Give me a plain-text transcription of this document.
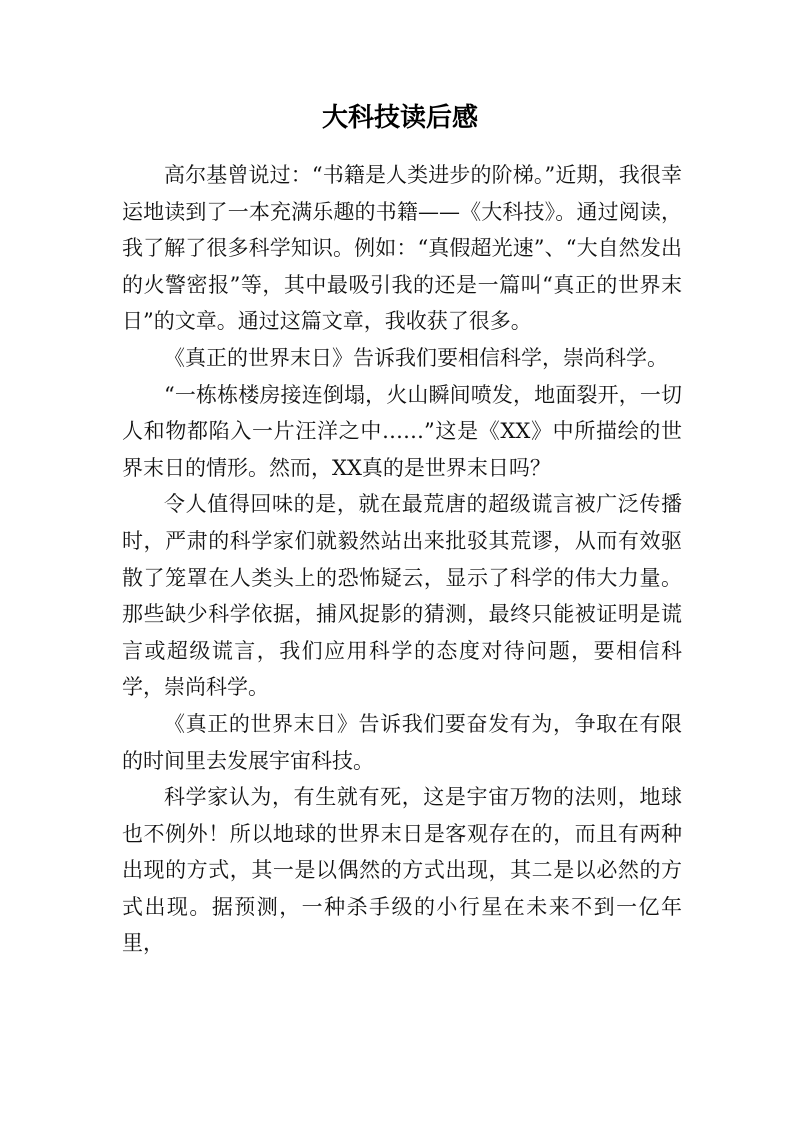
大科技读后感

高尔基曾说过：“书籍是人类进步的阶梯。”近期，我很幸运地读到了一本充满乐趣的书籍——《大科技》。通过阅读，我了解了很多科学知识。例如：“真假超光速”、“大自然发出的火警密报”等，其中最吸引我的还是一篇叫“真正的世界末日”的文章。通过这篇文章，我收获了很多。

《真正的世界末日》告诉我们要相信科学，崇尚科学。

“一栋栋楼房接连倒塌，火山瞬间喷发，地面裂开，一切人和物都陷入一片汪洋之中……”这是《XX》中所描绘的世界末日的情形。然而，XX真的是世界末日吗？

令人值得回味的是，就在最荒唐的超级谎言被广泛传播时，严肃的科学家们就毅然站出来批驳其荒谬，从而有效驱散了笼罩在人类头上的恐怖疑云，显示了科学的伟大力量。那些缺少科学依据，捕风捉影的猜测，最终只能被证明是谎言或超级谎言，我们应用科学的态度对待问题，要相信科学，崇尚科学。

《真正的世界末日》告诉我们要奋发有为，争取在有限的时间里去发展宇宙科技。

科学家认为，有生就有死，这是宇宙万物的法则，地球也不例外！所以地球的世界末日是客观存在的，而且有两种出现的方式，其一是以偶然的方式出现，其二是以必然的方式出现。据预测，一种杀手级的小行星在未来不到一亿年里，
